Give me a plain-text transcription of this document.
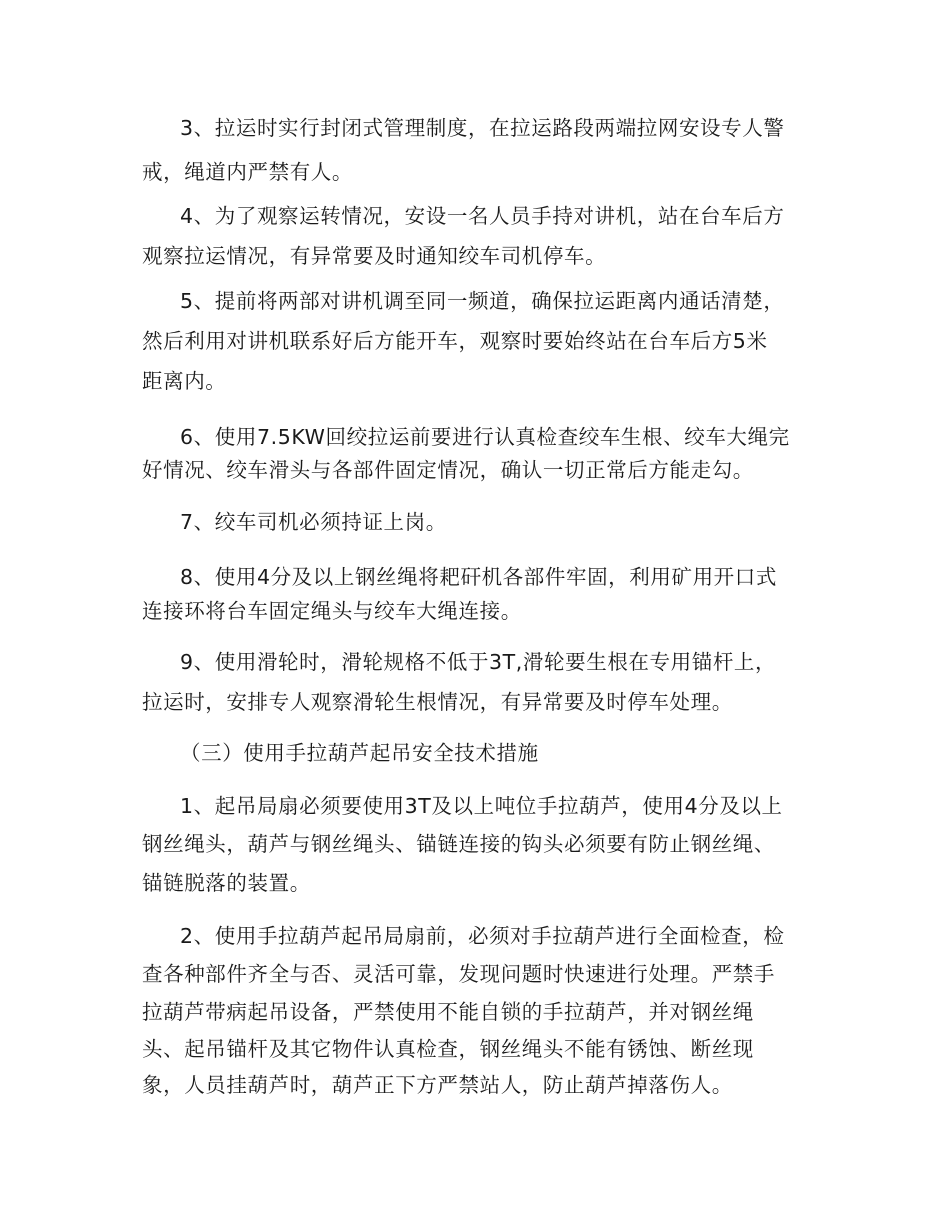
3、拉运时实行封闭式管理制度，在拉运路段两端拉网安设专人警
戒，绳道内严禁有人。
4、为了观察运转情况，安设一名人员手持对讲机，站在台车后方
观察拉运情况，有异常要及时通知绞车司机停车。
5、提前将两部对讲机调至同一频道，确保拉运距离内通话清楚，
然后利用对讲机联系好后方能开车，观察时要始终站在台车后方5米
距离内。
6、使用7.5KW回绞拉运前要进行认真检查绞车生根、绞车大绳完
好情况、绞车滑头与各部件固定情况，确认一切正常后方能走勾。
7、绞车司机必须持证上岗。
8、使用4分及以上钢丝绳将耙矸机各部件牢固，利用矿用开口式
连接环将台车固定绳头与绞车大绳连接。
9、使用滑轮时，滑轮规格不低于3T,滑轮要生根在专用锚杆上，
拉运时，安排专人观察滑轮生根情况，有异常要及时停车处理。
（三）使用手拉葫芦起吊安全技术措施
1、起吊局扇必须要使用3T及以上吨位手拉葫芦，使用4分及以上
钢丝绳头，葫芦与钢丝绳头、锚链连接的钩头必须要有防止钢丝绳、
锚链脱落的装置。
2、使用手拉葫芦起吊局扇前，必须对手拉葫芦进行全面检查，检
查各种部件齐全与否、灵活可靠，发现问题时快速进行处理。严禁手
拉葫芦带病起吊设备，严禁使用不能自锁的手拉葫芦，并对钢丝绳
头、起吊锚杆及其它物件认真检查，钢丝绳头不能有锈蚀、断丝现
象，人员挂葫芦时，葫芦正下方严禁站人，防止葫芦掉落伤人。
